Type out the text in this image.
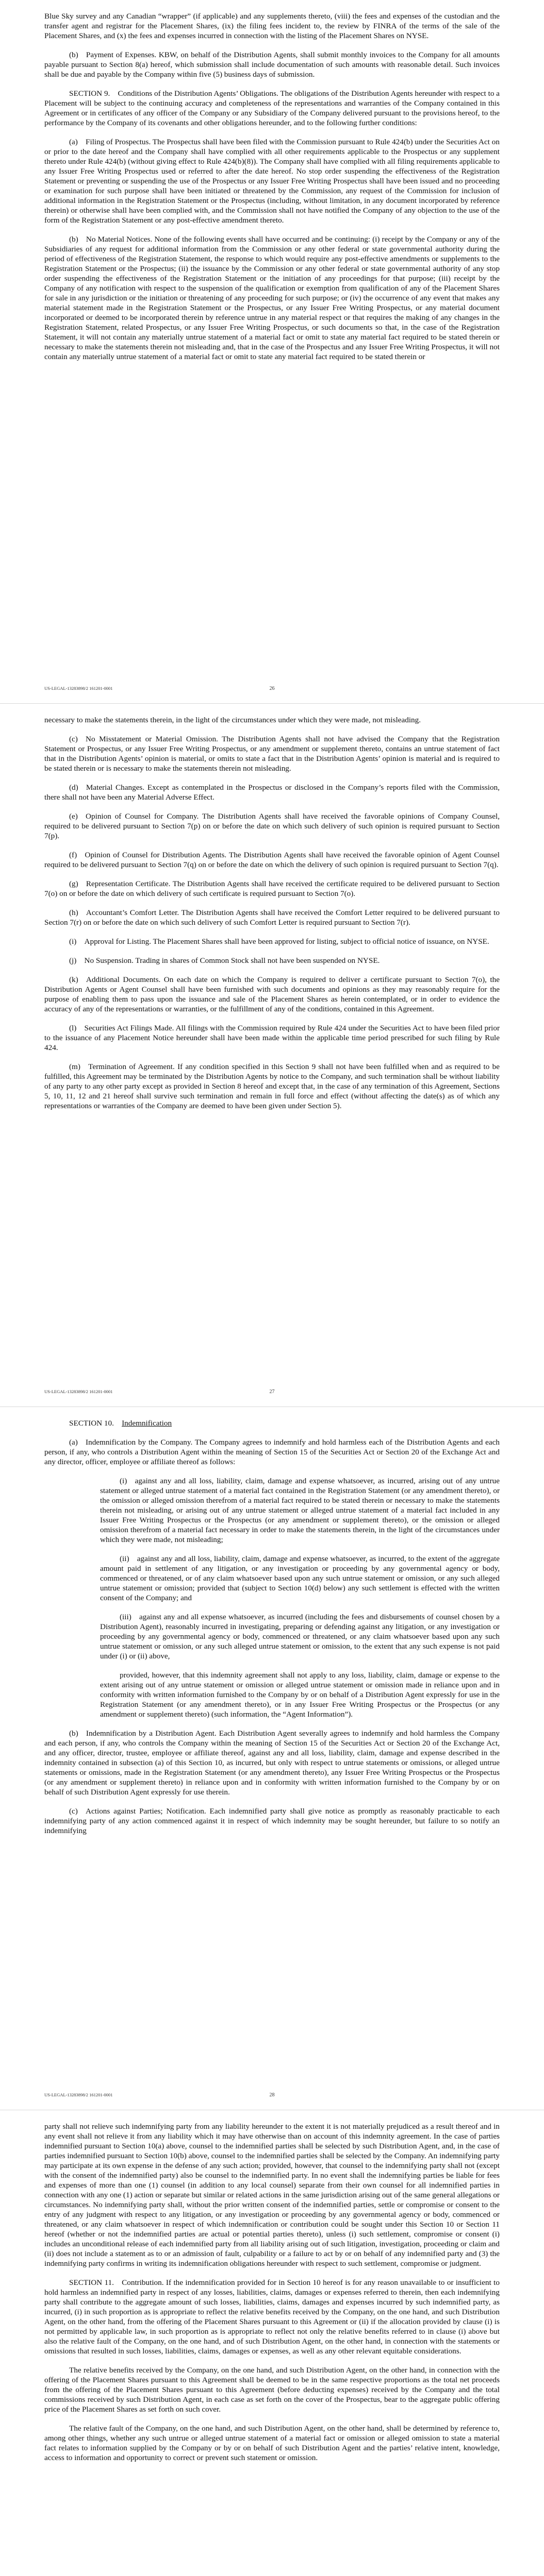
Blue Sky survey and any Canadian “wrapper” (if applicable) and any supplements thereto, (viii) the fees and expenses of the custodian and the transfer agent and registrar for the Placement Shares, (ix) the filing fees incident to, the review by FINRA of the terms of the sale of the Placement Shares, and (x) the fees and expenses incurred in connection with the listing of the Placement Shares on NYSE.

(b) Payment of Expenses. KBW, on behalf of the Distribution Agents, shall submit monthly invoices to the Company for all amounts payable pursuant to Section 8(a) hereof, which submission shall include documentation of such amounts with reasonable detail. Such invoices shall be due and payable by the Company within five (5) business days of submission.

SECTION 9. Conditions of the Distribution Agents’ Obligations. The obligations of the Distribution Agents hereunder with respect to a Placement will be subject to the continuing accuracy and completeness of the representations and warranties of the Company contained in this Agreement or in certificates of any officer of the Company or any Subsidiary of the Company delivered pursuant to the provisions hereof, to the performance by the Company of its covenants and other obligations hereunder, and to the following further conditions:

(a) Filing of Prospectus. The Prospectus shall have been filed with the Commission pursuant to Rule 424(b) under the Securities Act on or prior to the date hereof and the Company shall have complied with all other requirements applicable to the Prospectus or any supplement thereto under Rule 424(b) (without giving effect to Rule 424(b)(8)). The Company shall have complied with all filing requirements applicable to any Issuer Free Writing Prospectus used or referred to after the date hereof. No stop order suspending the effectiveness of the Registration Statement or preventing or suspending the use of the Prospectus or any Issuer Free Writing Prospectus shall have been issued and no proceeding or examination for such purpose shall have been initiated or threatened by the Commission, any request of the Commission for inclusion of additional information in the Registration Statement or the Prospectus (including, without limitation, in any document incorporated by reference therein) or otherwise shall have been complied with, and the Commission shall not have notified the Company of any objection to the use of the form of the Registration Statement or any post-effective amendment thereto.

(b) No Material Notices. None of the following events shall have occurred and be continuing: (i) receipt by the Company or any of the Subsidiaries of any request for additional information from the Commission or any other federal or state governmental authority during the period of effectiveness of the Registration Statement, the response to which would require any post-effective amendments or supplements to the Registration Statement or the Prospectus; (ii) the issuance by the Commission or any other federal or state governmental authority of any stop order suspending the effectiveness of the Registration Statement or the initiation of any proceedings for that purpose; (iii) receipt by the Company of any notification with respect to the suspension of the qualification or exemption from qualification of any of the Placement Shares for sale in any jurisdiction or the initiation or threatening of any proceeding for such purpose; or (iv) the occurrence of any event that makes any material statement made in the Registration Statement or the Prospectus, or any Issuer Free Writing Prospectus, or any material document incorporated or deemed to be incorporated therein by reference untrue in any material respect or that requires the making of any changes in the Registration Statement, related Prospectus, or any Issuer Free Writing Prospectus, or such documents so that, in the case of the Registration Statement, it will not contain any materially untrue statement of a material fact or omit to state any material fact required to be stated therein or necessary to make the statements therein not misleading and, that in the case of the Prospectus and any Issuer Free Writing Prospectus, it will not contain any materially untrue statement of a material fact or omit to state any material fact required to be stated therein or

US-LEGAL-13283898/2 161201-0001	26

necessary to make the statements therein, in the light of the circumstances under which they were made, not misleading.

(c) No Misstatement or Material Omission. The Distribution Agents shall not have advised the Company that the Registration Statement or Prospectus, or any Issuer Free Writing Prospectus, or any amendment or supplement thereto, contains an untrue statement of fact that in the Distribution Agents’ opinion is material, or omits to state a fact that in the Distribution Agents’ opinion is material and is required to be stated therein or is necessary to make the statements therein not misleading.

(d) Material Changes. Except as contemplated in the Prospectus or disclosed in the Company’s reports filed with the Commission, there shall not have been any Material Adverse Effect.

(e) Opinion of Counsel for Company. The Distribution Agents shall have received the favorable opinions of Company Counsel, required to be delivered pursuant to Section 7(p) on or before the date on which such delivery of such opinion is required pursuant to Section 7(p).

(f) Opinion of Counsel for Distribution Agents. The Distribution Agents shall have received the favorable opinion of Agent Counsel required to be delivered pursuant to Section 7(q) on or before the date on which the delivery of such opinion is required pursuant to Section 7(q).

(g) Representation Certificate. The Distribution Agents shall have received the certificate required to be delivered pursuant to Section 7(o) on or before the date on which delivery of such certificate is required pursuant to Section 7(o).

(h) Accountant’s Comfort Letter. The Distribution Agents shall have received the Comfort Letter required to be delivered pursuant to Section 7(r) on or before the date on which such delivery of such Comfort Letter is required pursuant to Section 7(r).

(i) Approval for Listing. The Placement Shares shall have been approved for listing, subject to official notice of issuance, on NYSE.

(j) No Suspension. Trading in shares of Common Stock shall not have been suspended on NYSE.

(k) Additional Documents. On each date on which the Company is required to deliver a certificate pursuant to Section 7(o), the Distribution Agents or Agent Counsel shall have been furnished with such documents and opinions as they may reasonably require for the purpose of enabling them to pass upon the issuance and sale of the Placement Shares as herein contemplated, or in order to evidence the accuracy of any of the representations or warranties, or the fulfillment of any of the conditions, contained in this Agreement.

(l) Securities Act Filings Made. All filings with the Commission required by Rule 424 under the Securities Act to have been filed prior to the issuance of any Placement Notice hereunder shall have been made within the applicable time period prescribed for such filing by Rule 424.

(m) Termination of Agreement. If any condition specified in this Section 9 shall not have been fulfilled when and as required to be fulfilled, this Agreement may be terminated by the Distribution Agents by notice to the Company, and such termination shall be without liability of any party to any other party except as provided in Section 8 hereof and except that, in the case of any termination of this Agreement, Sections 5, 10, 11, 12 and 21 hereof shall survive such termination and remain in full force and effect (without affecting the date(s) as of which any representations or warranties of the Company are deemed to have been given under Section 5).

US-LEGAL-13283898/2 161201-0001	27

SECTION 10.  Indemnification

(a) Indemnification by the Company. The Company agrees to indemnify and hold harmless each of the Distribution Agents and each person, if any, who controls a Distribution Agent within the meaning of Section 15 of the Securities Act or Section 20 of the Exchange Act and any director, officer, employee or affiliate thereof as follows:

(i) against any and all loss, liability, claim, damage and expense whatsoever, as incurred, arising out of any untrue statement or alleged untrue statement of a material fact contained in the Registration Statement (or any amendment thereto), or the omission or alleged omission therefrom of a material fact required to be stated therein or necessary to make the statements therein not misleading, or arising out of any untrue statement or alleged untrue statement of a material fact included in any Issuer Free Writing Prospectus or the Prospectus (or any amendment or supplement thereto), or the omission or alleged omission therefrom of a material fact necessary in order to make the statements therein, in the light of the circumstances under which they were made, not misleading;

(ii) against any and all loss, liability, claim, damage and expense whatsoever, as incurred, to the extent of the aggregate amount paid in settlement of any litigation, or any investigation or proceeding by any governmental agency or body, commenced or threatened, or of any claim whatsoever based upon any such untrue statement or omission, or any such alleged untrue statement or omission; provided that (subject to Section 10(d) below) any such settlement is effected with the written consent of the Company; and

(iii) against any and all expense whatsoever, as incurred (including the fees and disbursements of counsel chosen by a Distribution Agent), reasonably incurred in investigating, preparing or defending against any litigation, or any investigation or proceeding by any governmental agency or body, commenced or threatened, or any claim whatsoever based upon any such untrue statement or omission, or any such alleged untrue statement or omission, to the extent that any such expense is not paid under (i) or (ii) above,

provided, however, that this indemnity agreement shall not apply to any loss, liability, claim, damage or expense to the extent arising out of any untrue statement or omission or alleged untrue statement or omission made in reliance upon and in conformity with written information furnished to the Company by or on behalf of a Distribution Agent expressly for use in the Registration Statement (or any amendment thereto), or in any Issuer Free Writing Prospectus or the Prospectus (or any amendment or supplement thereto) (such information, the “Agent Information”).

(b) Indemnification by a Distribution Agent. Each Distribution Agent severally agrees to indemnify and hold harmless the Company and each person, if any, who controls the Company within the meaning of Section 15 of the Securities Act or Section 20 of the Exchange Act, and any officer, director, trustee, employee or affiliate thereof, against any and all loss, liability, claim, damage and expense described in the indemnity contained in subsection (a) of this Section 10, as incurred, but only with respect to untrue statements or omissions, or alleged untrue statements or omissions, made in the Registration Statement (or any amendment thereto), any Issuer Free Writing Prospectus or the Prospectus (or any amendment or supplement thereto) in reliance upon and in conformity with written information furnished to the Company by or on behalf of such Distribution Agent expressly for use therein.

(c) Actions against Parties; Notification. Each indemnified party shall give notice as promptly as reasonably practicable to each indemnifying party of any action commenced against it in respect of which indemnity may be sought hereunder, but failure to so notify an indemnifying

US-LEGAL-13283898/2 161201-0001	28

party shall not relieve such indemnifying party from any liability hereunder to the extent it is not materially prejudiced as a result thereof and in any event shall not relieve it from any liability which it may have otherwise than on account of this indemnity agreement. In the case of parties indemnified pursuant to Section 10(a) above, counsel to the indemnified parties shall be selected by such Distribution Agent, and, in the case of parties indemnified pursuant to Section 10(b) above, counsel to the indemnified parties shall be selected by the Company. An indemnifying party may participate at its own expense in the defense of any such action; provided, however, that counsel to the indemnifying party shall not (except with the consent of the indemnified party) also be counsel to the indemnified party. In no event shall the indemnifying parties be liable for fees and expenses of more than one (1) counsel (in addition to any local counsel) separate from their own counsel for all indemnified parties in connection with any one (1) action or separate but similar or related actions in the same jurisdiction arising out of the same general allegations or circumstances. No indemnifying party shall, without the prior written consent of the indemnified parties, settle or compromise or consent to the entry of any judgment with respect to any litigation, or any investigation or proceeding by any governmental agency or body, commenced or threatened, or any claim whatsoever in respect of which indemnification or contribution could be sought under this Section 10 or Section 11 hereof (whether or not the indemnified parties are actual or potential parties thereto), unless (i) such settlement, compromise or consent (i) includes an unconditional release of each indemnified party from all liability arising out of such litigation, investigation, proceeding or claim and (ii) does not include a statement as to or an admission of fault, culpability or a failure to act by or on behalf of any indemnified party and (3) the indemnifying party confirms in writing its indemnification obligations hereunder with respect to such settlement, compromise or judgment.

SECTION 11. Contribution. If the indemnification provided for in Section 10 hereof is for any reason unavailable to or insufficient to hold harmless an indemnified party in respect of any losses, liabilities, claims, damages or expenses referred to therein, then each indemnifying party shall contribute to the aggregate amount of such losses, liabilities, claims, damages and expenses incurred by such indemnified party, as incurred, (i) in such proportion as is appropriate to reflect the relative benefits received by the Company, on the one hand, and such Distribution Agent, on the other hand, from the offering of the Placement Shares pursuant to this Agreement or (ii) if the allocation provided by clause (i) is not permitted by applicable law, in such proportion as is appropriate to reflect not only the relative benefits referred to in clause (i) above but also the relative fault of the Company, on the one hand, and of such Distribution Agent, on the other hand, in connection with the statements or omissions that resulted in such losses, liabilities, claims, damages or expenses, as well as any other relevant equitable considerations.

The relative benefits received by the Company, on the one hand, and such Distribution Agent, on the other hand, in connection with the offering of the Placement Shares pursuant to this Agreement shall be deemed to be in the same respective proportions as the total net proceeds from the offering of the Placement Shares pursuant to this Agreement (before deducting expenses) received by the Company and the total commissions received by such Distribution Agent, in each case as set forth on the cover of the Prospectus, bear to the aggregate public offering price of the Placement Shares as set forth on such cover.

The relative fault of the Company, on the one hand, and such Distribution Agent, on the other hand, shall be determined by reference to, among other things, whether any such untrue or alleged untrue statement of a material fact or omission or alleged omission to state a material fact relates to information supplied by the Company or by or on behalf of such Distribution Agent and the parties’ relative intent, knowledge, access to information and opportunity to correct or prevent such statement or omission.
